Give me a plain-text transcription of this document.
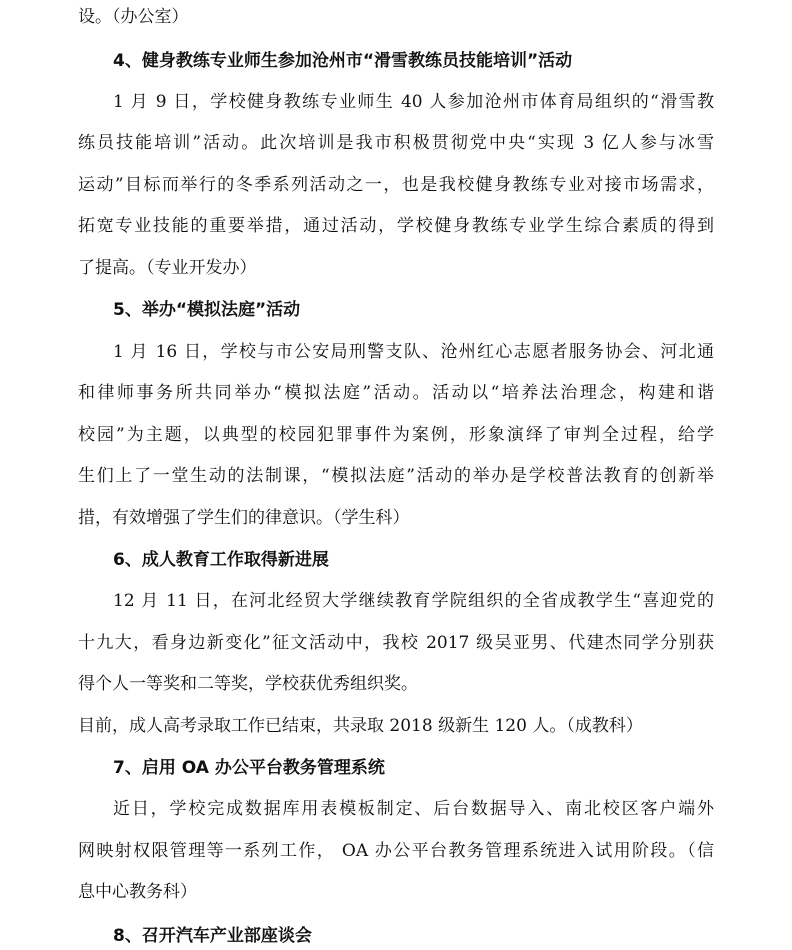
设。（办公室）
4、健身教练专业师生参加沧州市“滑雪教练员技能培训”活动
1 月 9 日，学校健身教练专业师生 40 人参加沧州市体育局组织的“滑雪教
练员技能培训”活动。此次培训是我市积极贯彻党中央“实现 3 亿人参与冰雪
运动”目标而举行的冬季系列活动之一，也是我校健身教练专业对接市场需求，
拓宽专业技能的重要举措，通过活动，学校健身教练专业学生综合素质的得到
了提高。（专业开发办）
5、举办“模拟法庭”活动
1 月 16 日，学校与市公安局刑警支队、沧州红心志愿者服务协会、河北通
和律师事务所共同举办“模拟法庭”活动。活动以“培养法治理念，构建和谐
校园”为主题，以典型的校园犯罪事件为案例，形象演绎了审判全过程，给学
生们上了一堂生动的法制课，“模拟法庭”活动的举办是学校普法教育的创新举
措，有效增强了学生们的律意识。（学生科）
6、成人教育工作取得新进展
12 月 11 日，在河北经贸大学继续教育学院组织的全省成教学生“喜迎党的
十九大，看身边新变化”征文活动中，我校 2017 级吴亚男、代建杰同学分别获
得个人一等奖和二等奖，学校获优秀组织奖。
目前，成人高考录取工作已结束，共录取 2018 级新生 120 人。（成教科）
7、启用 OA 办公平台教务管理系统
近日，学校完成数据库用表模板制定、后台数据导入、南北校区客户端外
网映射权限管理等一系列工作， OA 办公平台教务管理系统进入试用阶段。（信
息中心教务科）
8、召开汽车产业部座谈会
